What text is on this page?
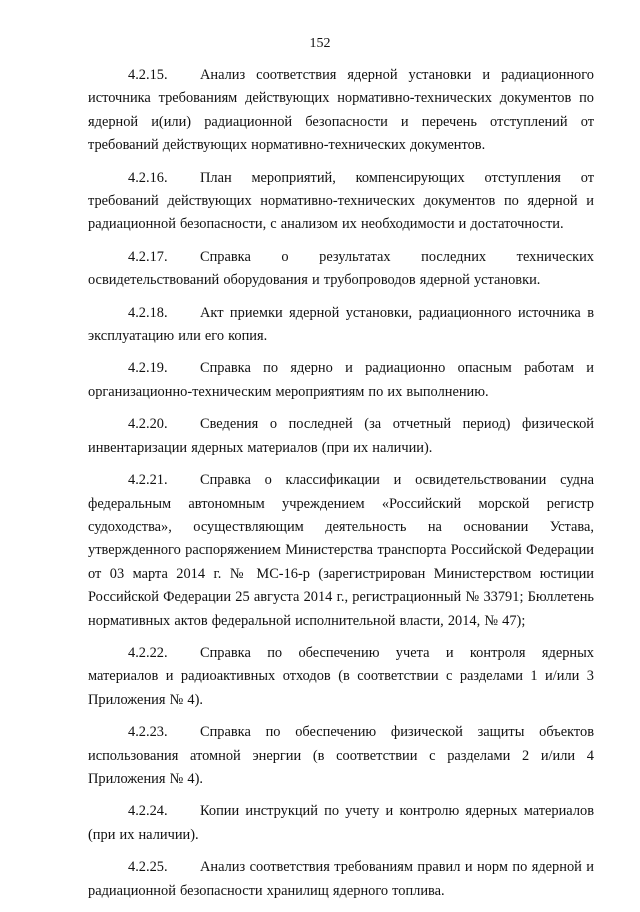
152

4.2.15. Анализ соответствия ядерной установки и радиационного источника требованиям действующих нормативно-технических документов по ядерной и(или) радиационной безопасности и перечень отступлений от требований действующих нормативно-технических документов.

4.2.16. План мероприятий, компенсирующих отступления от требований действующих нормативно-технических документов по ядерной и радиационной безопасности, с анализом их необходимости и достаточности.

4.2.17. Справка о результатах последних технических освидетельствований оборудования и трубопроводов ядерной установки.

4.2.18. Акт приемки ядерной установки, радиационного источника в эксплуатацию или его копия.

4.2.19. Справка по ядерно и радиационно опасным работам и организационно-техническим мероприятиям по их выполнению.

4.2.20. Сведения о последней (за отчетный период) физической инвентаризации ядерных материалов (при их наличии).

4.2.21. Справка о классификации и освидетельствовании судна федеральным автономным учреждением «Российский морской регистр судоходства», осуществляющим деятельность на основании Устава, утвержденного распоряжением Министерства транспорта Российской Федерации от 03 марта 2014 г. № МС-16-р (зарегистрирован Министерством юстиции Российской Федерации 25 августа 2014 г., регистрационный № 33791; Бюллетень нормативных актов федеральной исполнительной власти, 2014, № 47);

4.2.22. Справка по обеспечению учета и контроля ядерных материалов и радиоактивных отходов (в соответствии с разделами 1 и/или 3 Приложения № 4).

4.2.23. Справка по обеспечению физической защиты объектов использования атомной энергии (в соответствии с разделами 2 и/или 4 Приложения № 4).

4.2.24. Копии инструкций по учету и контролю ядерных материалов (при их наличии).

4.2.25. Анализ соответствия требованиям правил и норм по ядерной и радиационной безопасности хранилищ ядерного топлива.
